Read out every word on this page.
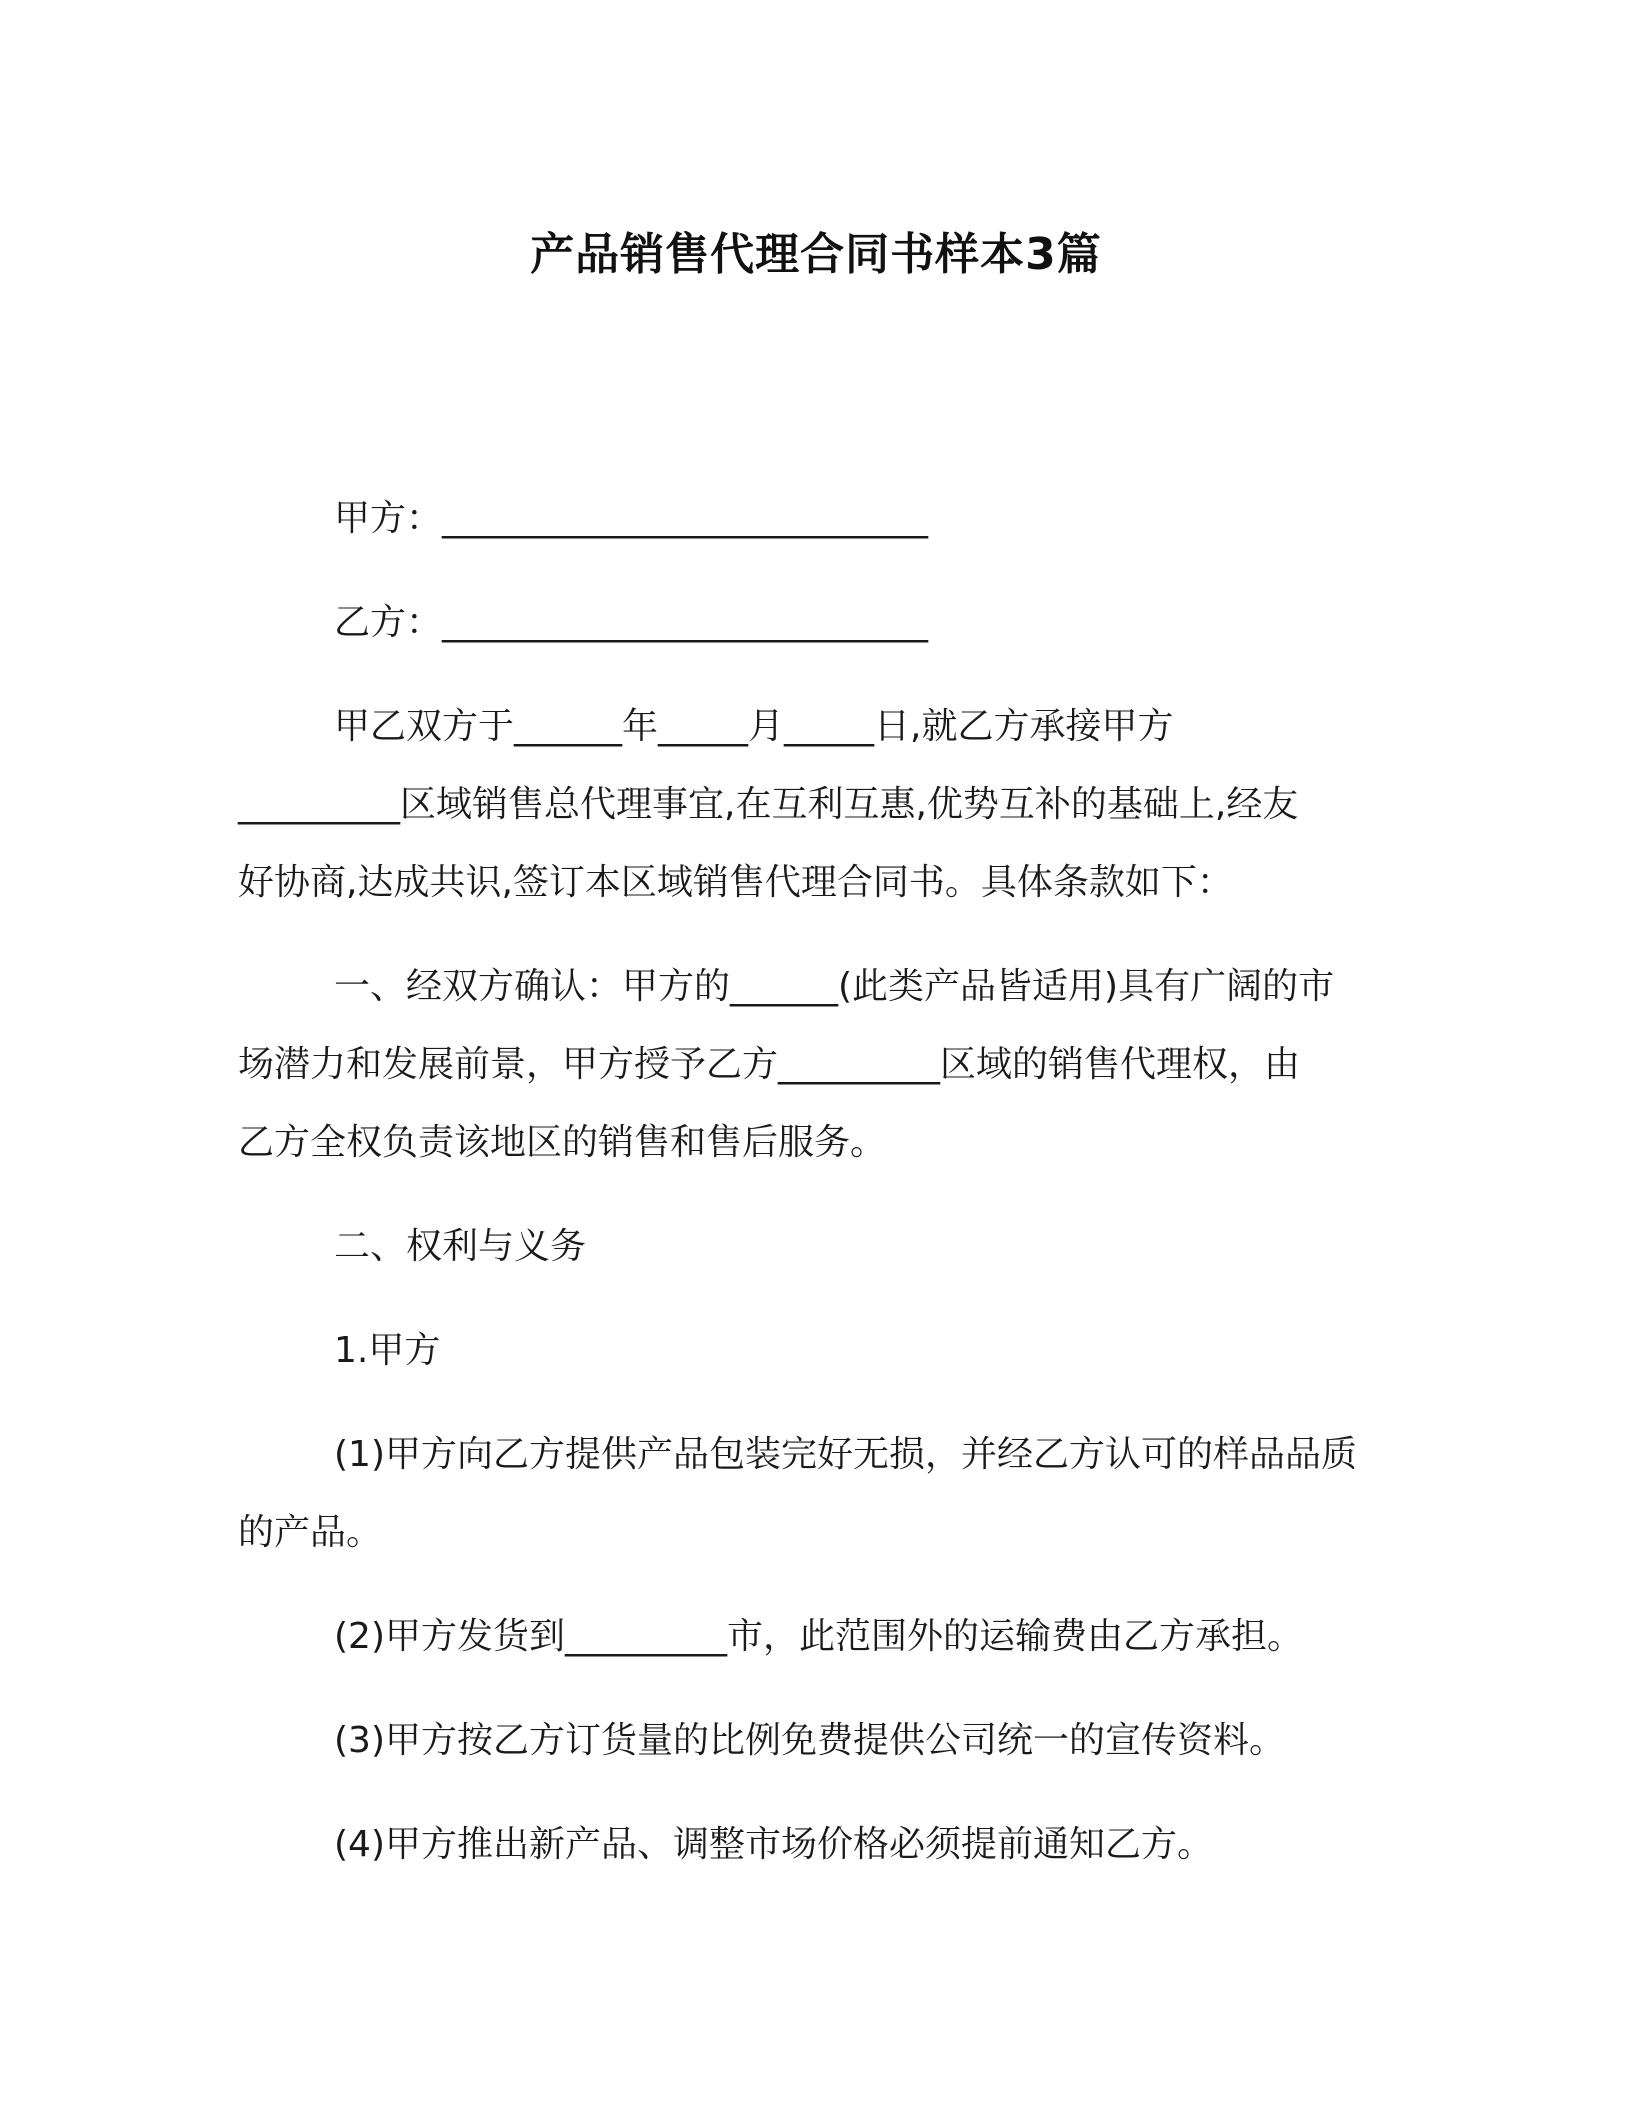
产品销售代理合同书样本3篇
甲方：___________________________
乙方：___________________________
甲乙双方于______年_____月_____日,就乙方承接甲方
_________区域销售总代理事宜,在互利互惠,优势互补的基础上,经友
好协商,达成共识,签订本区域销售代理合同书。具体条款如下：
一、经双方确认：甲方的______(此类产品皆适用)具有广阔的市
场潜力和发展前景，甲方授予乙方_________区域的销售代理权，由
乙方全权负责该地区的销售和售后服务。
二、权利与义务
1.甲方
(1)甲方向乙方提供产品包装完好无损，并经乙方认可的样品品质
的产品。
(2)甲方发货到_________市，此范围外的运输费由乙方承担。
(3)甲方按乙方订货量的比例免费提供公司统一的宣传资料。
(4)甲方推出新产品、调整市场价格必须提前通知乙方。
